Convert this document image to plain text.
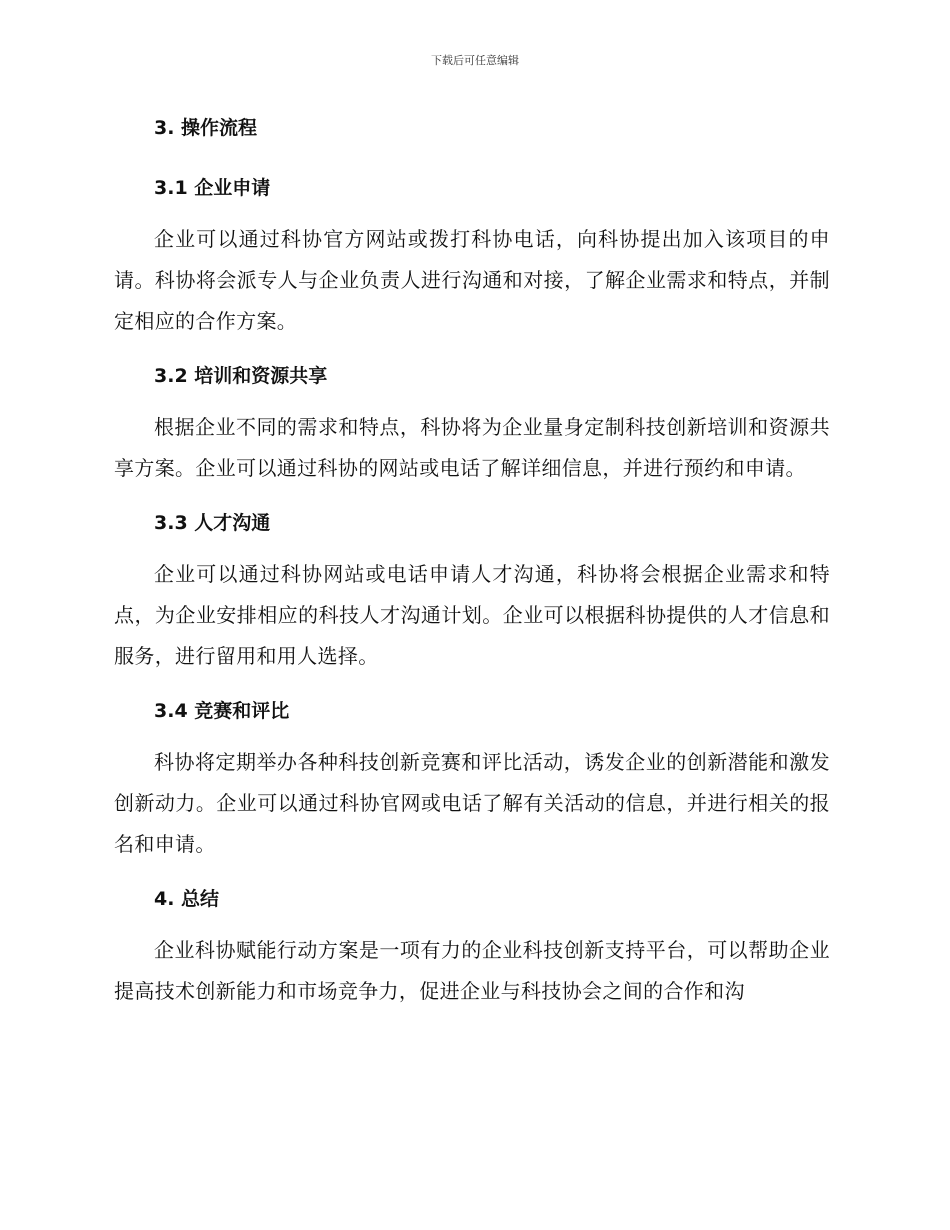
下载后可任意编辑
3. 操作流程
3.1 企业申请

企业可以通过科协官方网站或拨打科协电话，向科协提出加入该项目的申请。科协将会派专人与企业负责人进行沟通和对接，了解企业需求和特点，并制定相应的合作方案。

3.2 培训和资源共享

根据企业不同的需求和特点，科协将为企业量身定制科技创新培训和资源共享方案。企业可以通过科协的网站或电话了解详细信息，并进行预约和申请。

3.3 人才沟通

企业可以通过科协网站或电话申请人才沟通，科协将会根据企业需求和特点，为企业安排相应的科技人才沟通计划。企业可以根据科协提供的人才信息和服务，进行留用和用人选择。

3.4 竞赛和评比

科协将定期举办各种科技创新竞赛和评比活动，诱发企业的创新潜能和激发创新动力。企业可以通过科协官网或电话了解有关活动的信息，并进行相关的报名和申请。

4. 总结

企业科协赋能行动方案是一项有力的企业科技创新支持平台，可以帮助企业提高技术创新能力和市场竞争力，促进企业与科技协会之间的合作和沟
